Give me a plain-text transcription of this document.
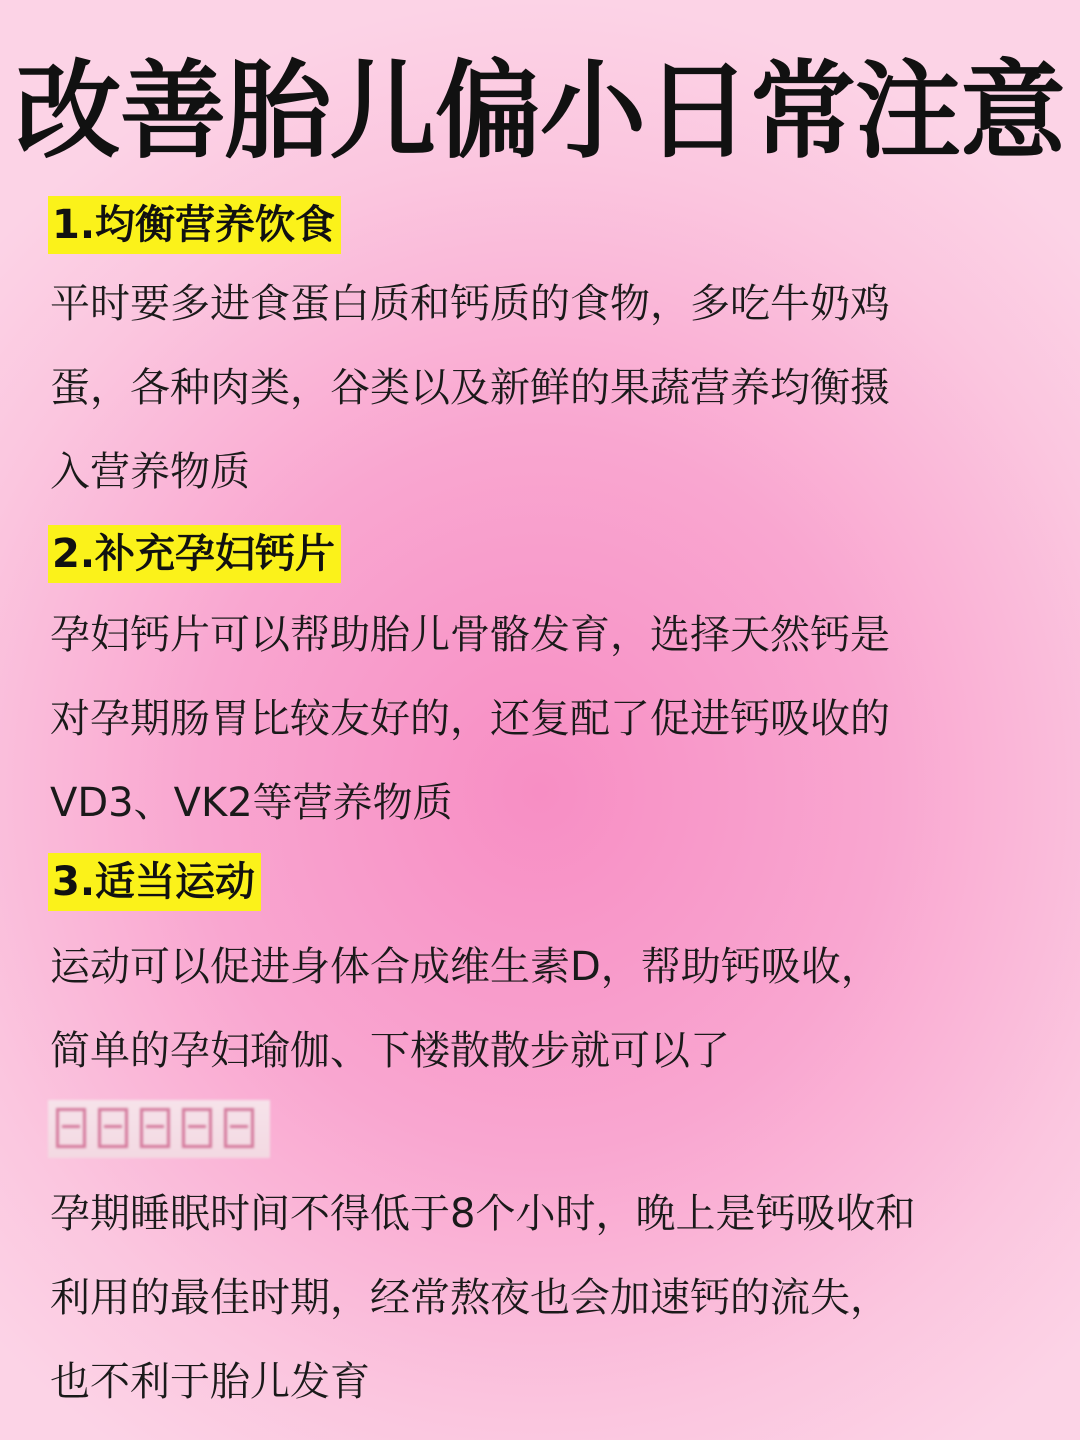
改善胎儿偏小日常注意
1.均衡营养饮食
平时要多进食蛋白质和钙质的食物，多吃牛奶鸡
蛋，各种肉类，谷类以及新鲜的果蔬营养均衡摄
入营养物质
2.补充孕妇钙片
孕妇钙片可以帮助胎儿骨骼发育，选择天然钙是
对孕期肠胃比较友好的，还复配了促进钙吸收的
VD3、VK2等营养物质
3.适当运动
运动可以促进身体合成维生素D，帮助钙吸收，
简单的孕妇瑜伽、下楼散散步就可以了
孕期睡眠时间不得低于8个小时，晚上是钙吸收和
利用的最佳时期，经常熬夜也会加速钙的流失，
也不利于胎儿发育
